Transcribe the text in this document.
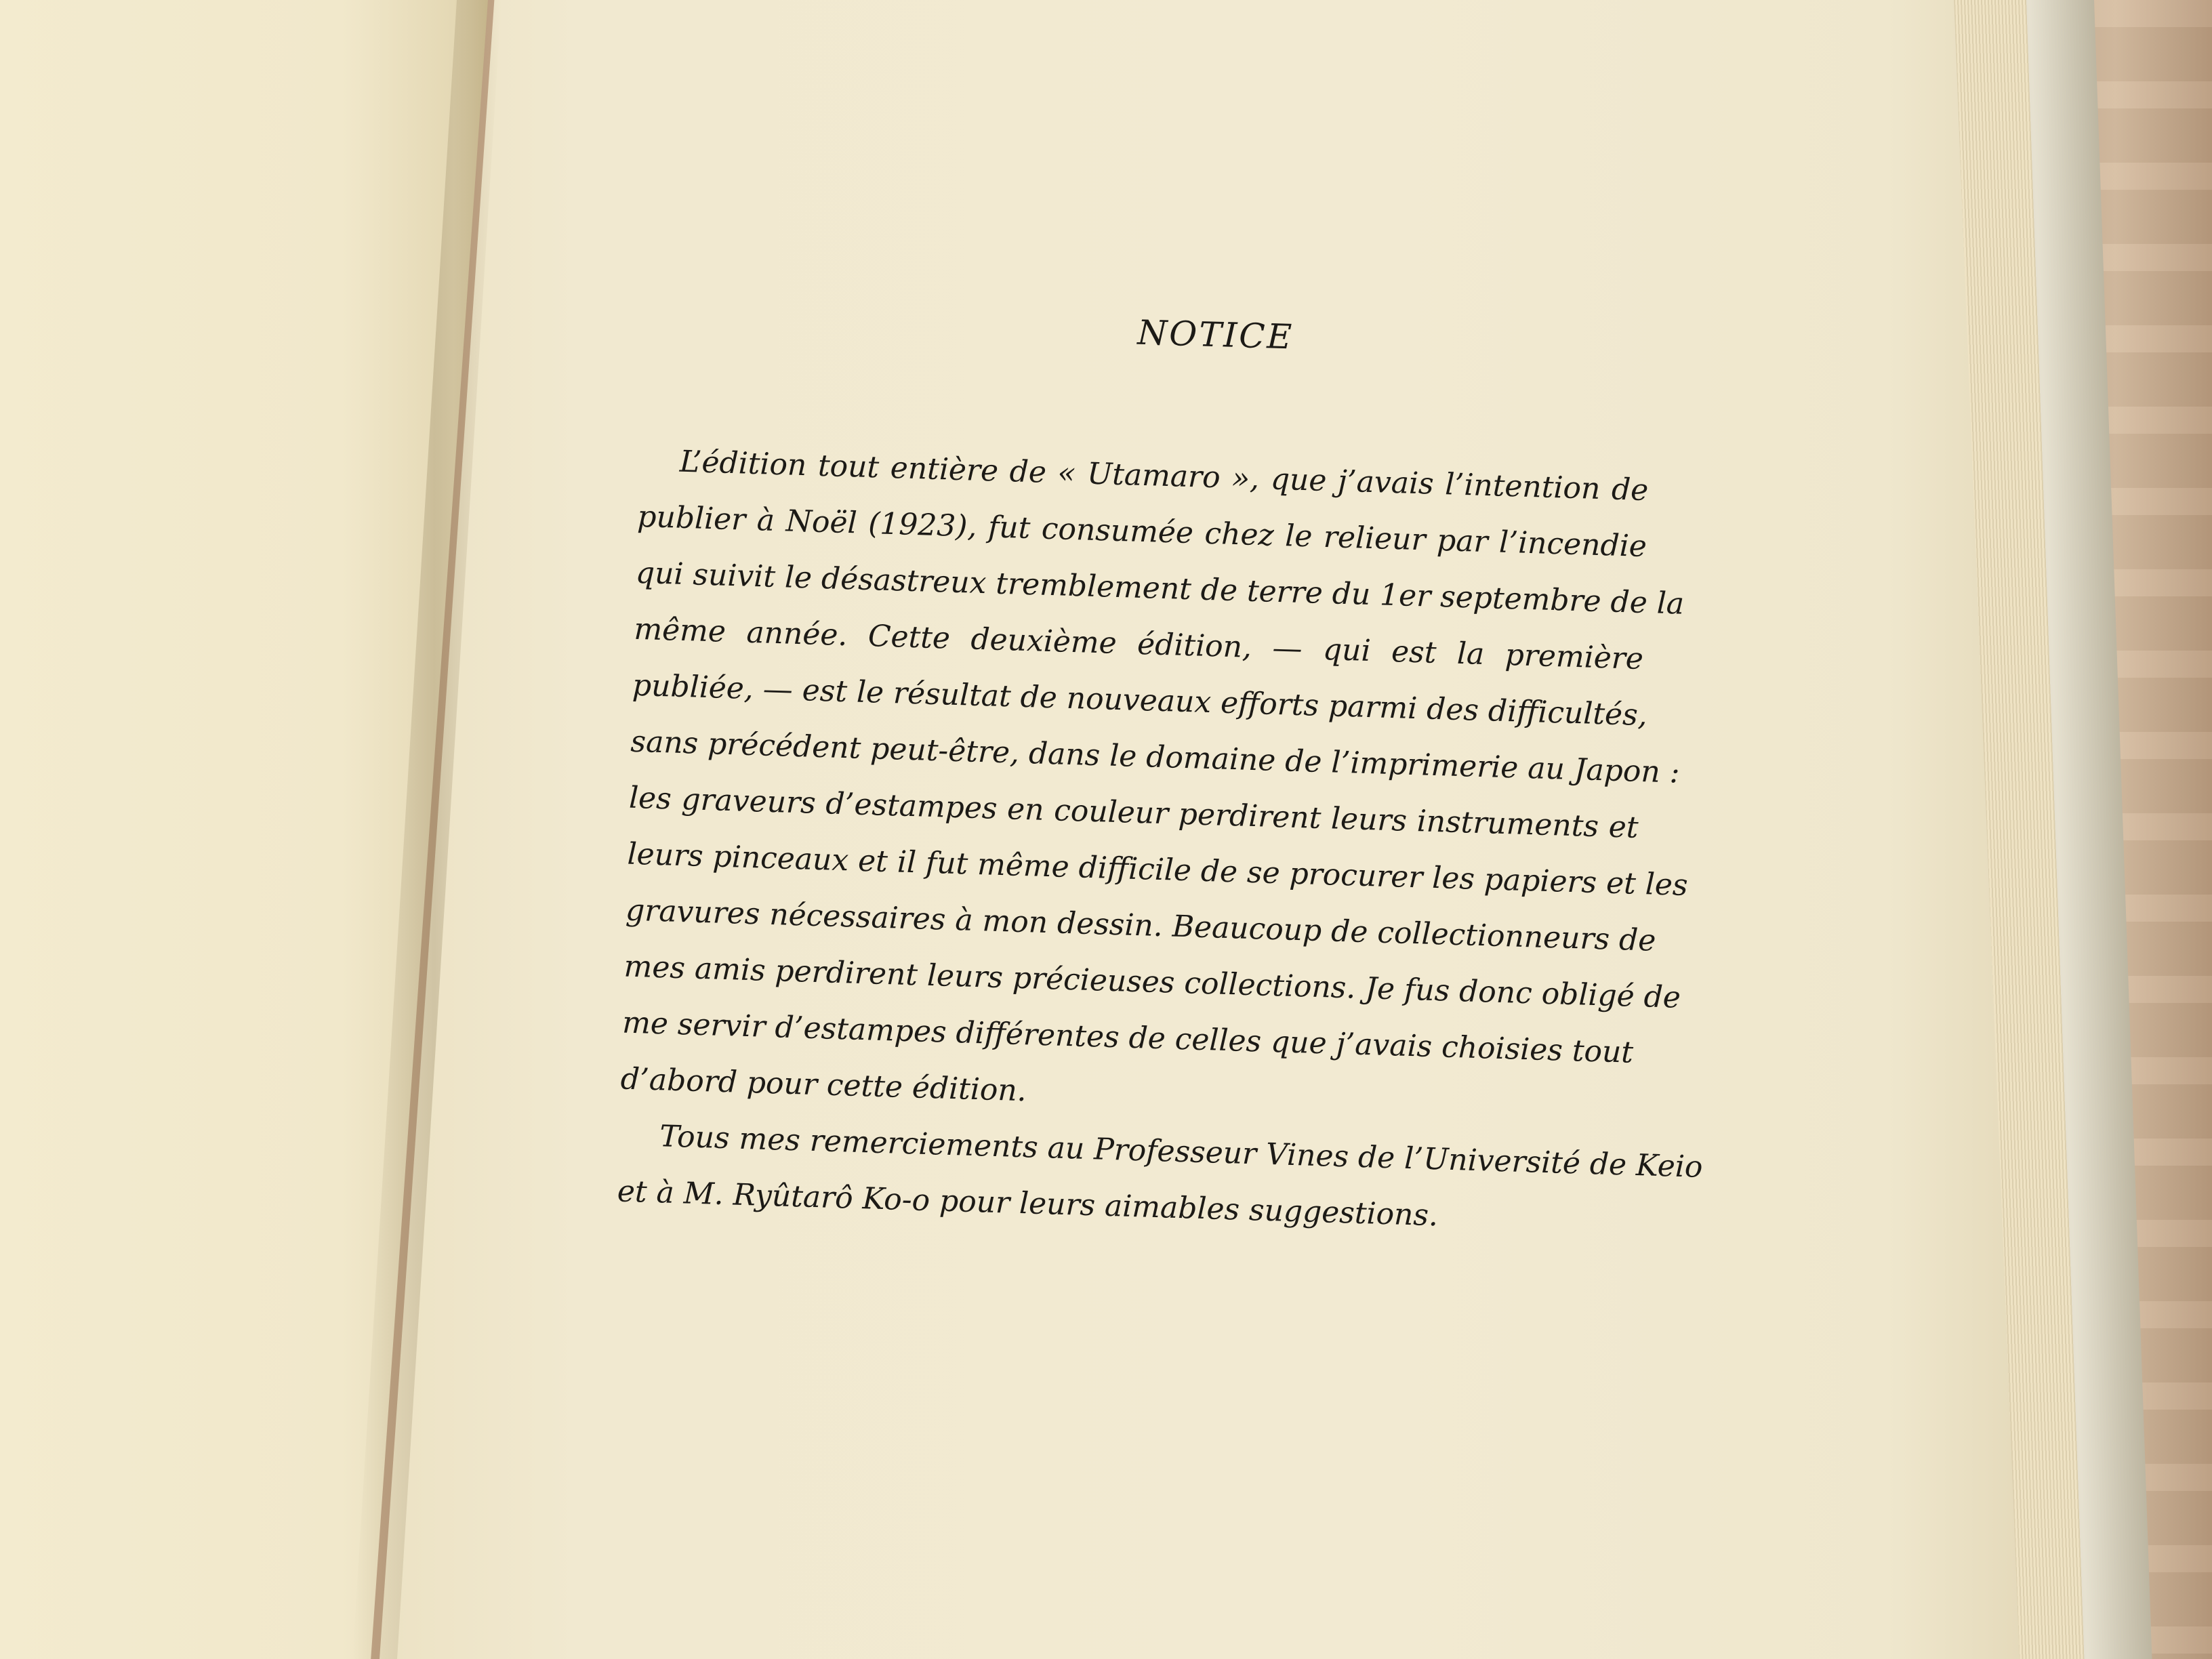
NOTICE

L’édition tout entière de « Utamaro », que j’avais l’intention de
publier à Noël (1923), fut consumée chez le relieur par l’incendie
qui suivit le désastreux tremblement de terre du 1er septembre de la
même année. Cette deuxième édition, — qui est la première
publiée, — est le résultat de nouveaux efforts parmi des difficultés,
sans précédent peut-être, dans le domaine de l’imprimerie au Japon :
les graveurs d’estampes en couleur perdirent leurs instruments et
leurs pinceaux et il fut même difficile de se procurer les papiers et les
gravures nécessaires à mon dessin. Beaucoup de collectionneurs de
mes amis perdirent leurs précieuses collections. Je fus donc obligé de
me servir d’estampes différentes de celles que j’avais choisies tout
d’abord pour cette édition.

Tous mes remerciements au Professeur Vines de l’Université de Keio
et à M. Ryûtarô Ko-o pour leurs aimables suggestions.
